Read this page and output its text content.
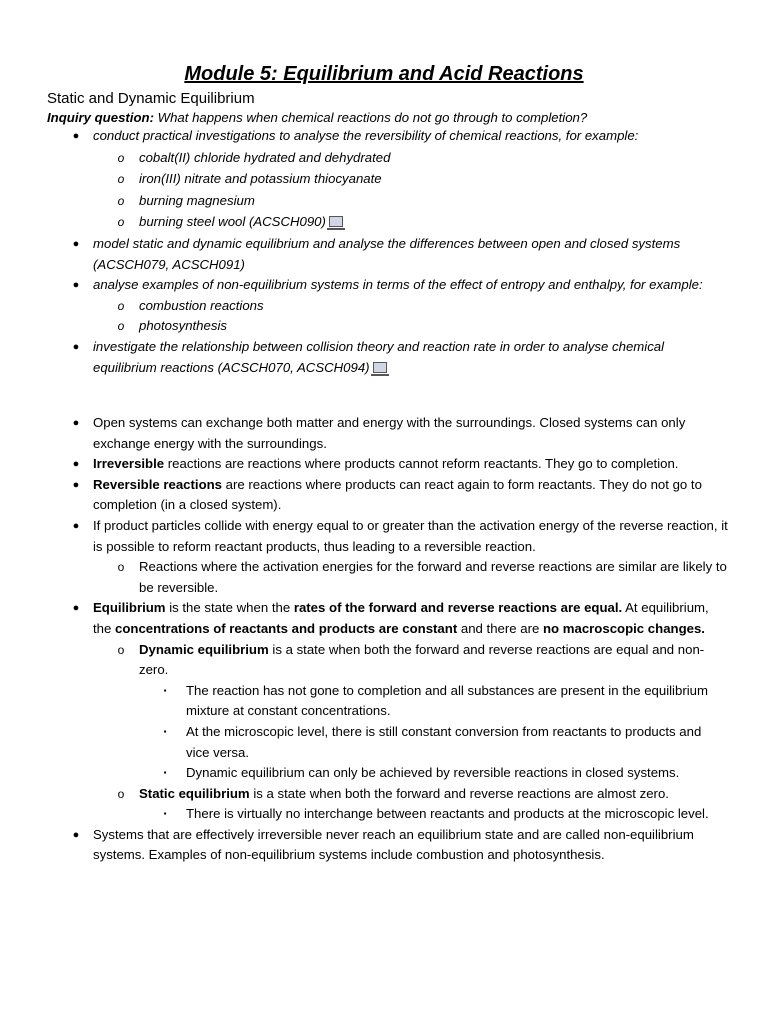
Module 5: Equilibrium and Acid Reactions
Static and Dynamic Equilibrium
Inquiry question: What happens when chemical reactions do not go through to completion?
●	conduct practical investigations to analyse the reversibility of chemical reactions, for example:
o	cobalt(II) chloride hydrated and dehydrated
o	iron(III) nitrate and potassium thiocyanate
o	burning magnesium
o	burning steel wool (ACSCH090)
●	model static and dynamic equilibrium and analyse the differences between open and closed systems (ACSCH079, ACSCH091)
●	analyse examples of non-equilibrium systems in terms of the effect of entropy and enthalpy, for example:
o	combustion reactions
o	photosynthesis
●	investigate the relationship between collision theory and reaction rate in order to analyse chemical equilibrium reactions (ACSCH070, ACSCH094)
●	Open systems can exchange both matter and energy with the surroundings. Closed systems can only exchange energy with the surroundings.
●	Irreversible reactions are reactions where products cannot reform reactants. They go to completion.
●	Reversible reactions are reactions where products can react again to form reactants. They do not go to completion (in a closed system).
●	If product particles collide with energy equal to or greater than the activation energy of the reverse reaction, it is possible to reform reactant products, thus leading to a reversible reaction.
o	Reactions where the activation energies for the forward and reverse reactions are similar are likely to be reversible.
●	Equilibrium is the state when the rates of the forward and reverse reactions are equal. At equilibrium, the concentrations of reactants and products are constant and there are no macroscopic changes.
o	Dynamic equilibrium is a state when both the forward and reverse reactions are equal and non-zero.
▪	The reaction has not gone to completion and all substances are present in the equilibrium mixture at constant concentrations.
▪	At the microscopic level, there is still constant conversion from reactants to products and vice versa.
▪	Dynamic equilibrium can only be achieved by reversible reactions in closed systems.
o	Static equilibrium is a state when both the forward and reverse reactions are almost zero.
▪	There is virtually no interchange between reactants and products at the microscopic level.
●	Systems that are effectively irreversible never reach an equilibrium state and are called non-equilibrium systems. Examples of non-equilibrium systems include combustion and photosynthesis.
